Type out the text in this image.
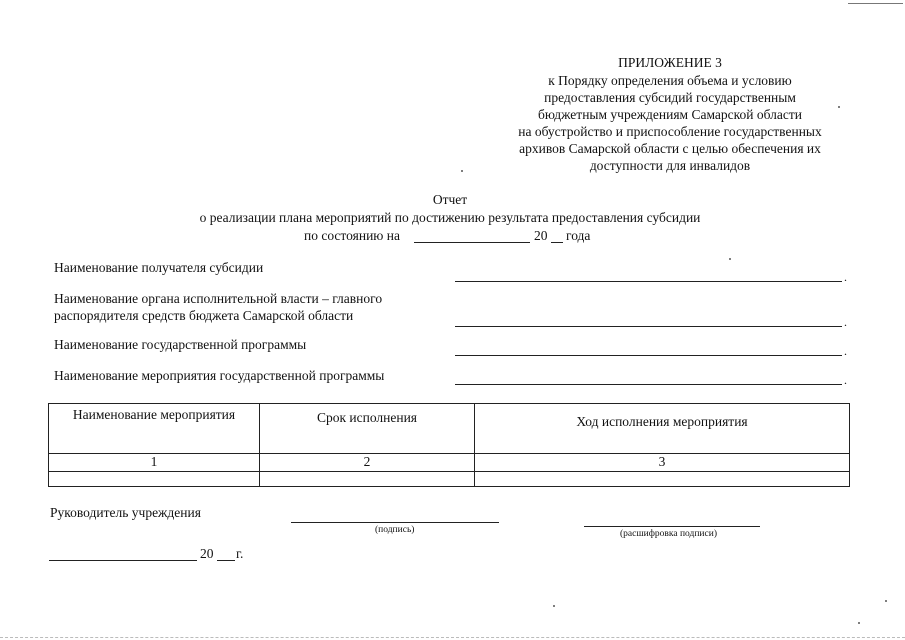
ПРИЛОЖЕНИЕ 3
к Порядку определения объема и условию
предоставления субсидий государственным
бюджетным учреждениям Самарской области
на обустройство и приспособление государственных
архивов Самарской области с целью обеспечения их
доступности для инвалидов
Отчет
о реализации плана мероприятий по достижению результата предоставления субсидии
по состоянию на	20 года
Наименование получателя субсидии
.
Наименование органа исполнительной власти – главного
распорядителя средств бюджета Самарской области	.
Наименование государственной программы	.
Наименование мероприятия государственной программы	.
Наименование мероприятия	Срок исполнения	Ход исполнения мероприятия
1	2	3

Руководитель учреждения
(подпись)	(расшифровка подписи)
20 г.
